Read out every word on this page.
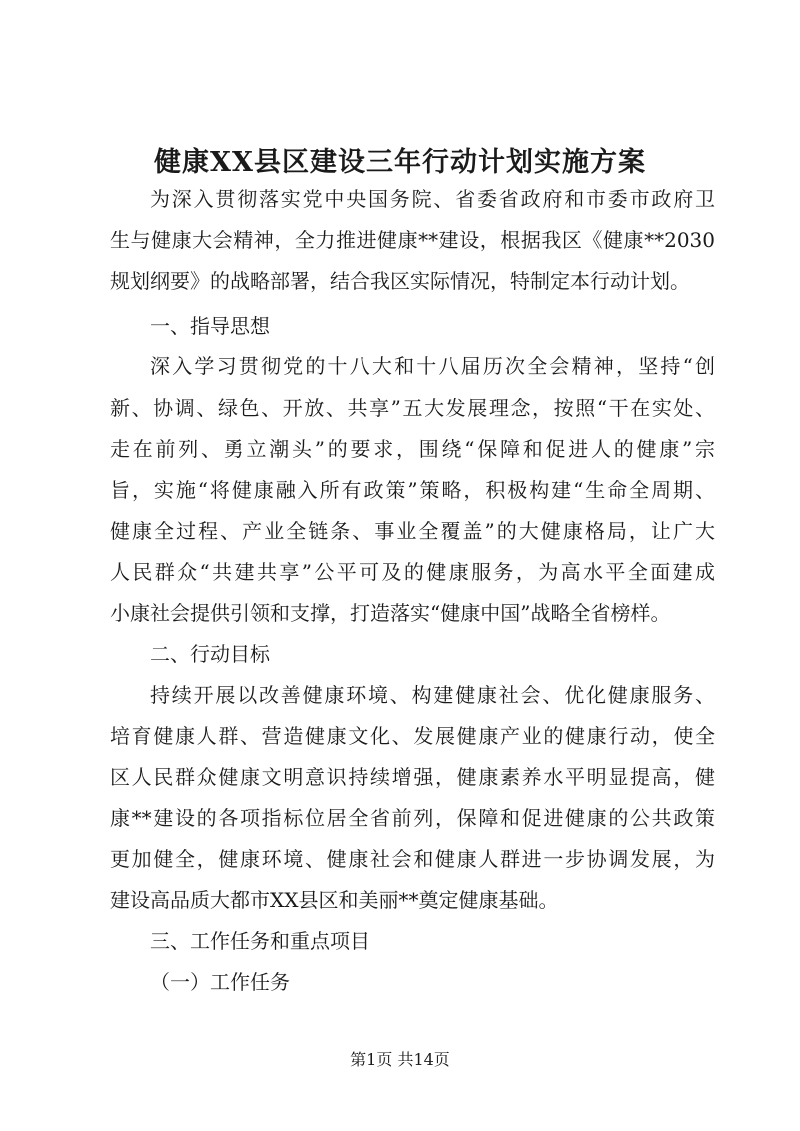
健康XX县区建设三年行动计划实施方案

为深入贯彻落实党中央国务院、省委省政府和市委市政府卫

生与健康大会精神，全力推进健康**建设，根据我区《健康**2030

规划纲要》的战略部署，结合我区实际情况，特制定本行动计划。

一、指导思想

深入学习贯彻党的十八大和十八届历次全会精神，坚持“创

新、协调、绿色、开放、共享”五大发展理念，按照“干在实处、

走在前列、勇立潮头”的要求，围绕“保障和促进人的健康”宗

旨，实施“将健康融入所有政策”策略，积极构建“生命全周期、

健康全过程、产业全链条、事业全覆盖”的大健康格局，让广大

人民群众“共建共享”公平可及的健康服务，为高水平全面建成

小康社会提供引领和支撑，打造落实“健康中国”战略全省榜样。

二、行动目标

持续开展以改善健康环境、构建健康社会、优化健康服务、

培育健康人群、营造健康文化、发展健康产业的健康行动，使全

区人民群众健康文明意识持续增强，健康素养水平明显提高，健

康**建设的各项指标位居全省前列，保障和促进健康的公共政策

更加健全，健康环境、健康社会和健康人群进一步协调发展，为

建设高品质大都市XX县区和美丽**奠定健康基础。

三、工作任务和重点项目

（一）工作任务

第1页 共14页
